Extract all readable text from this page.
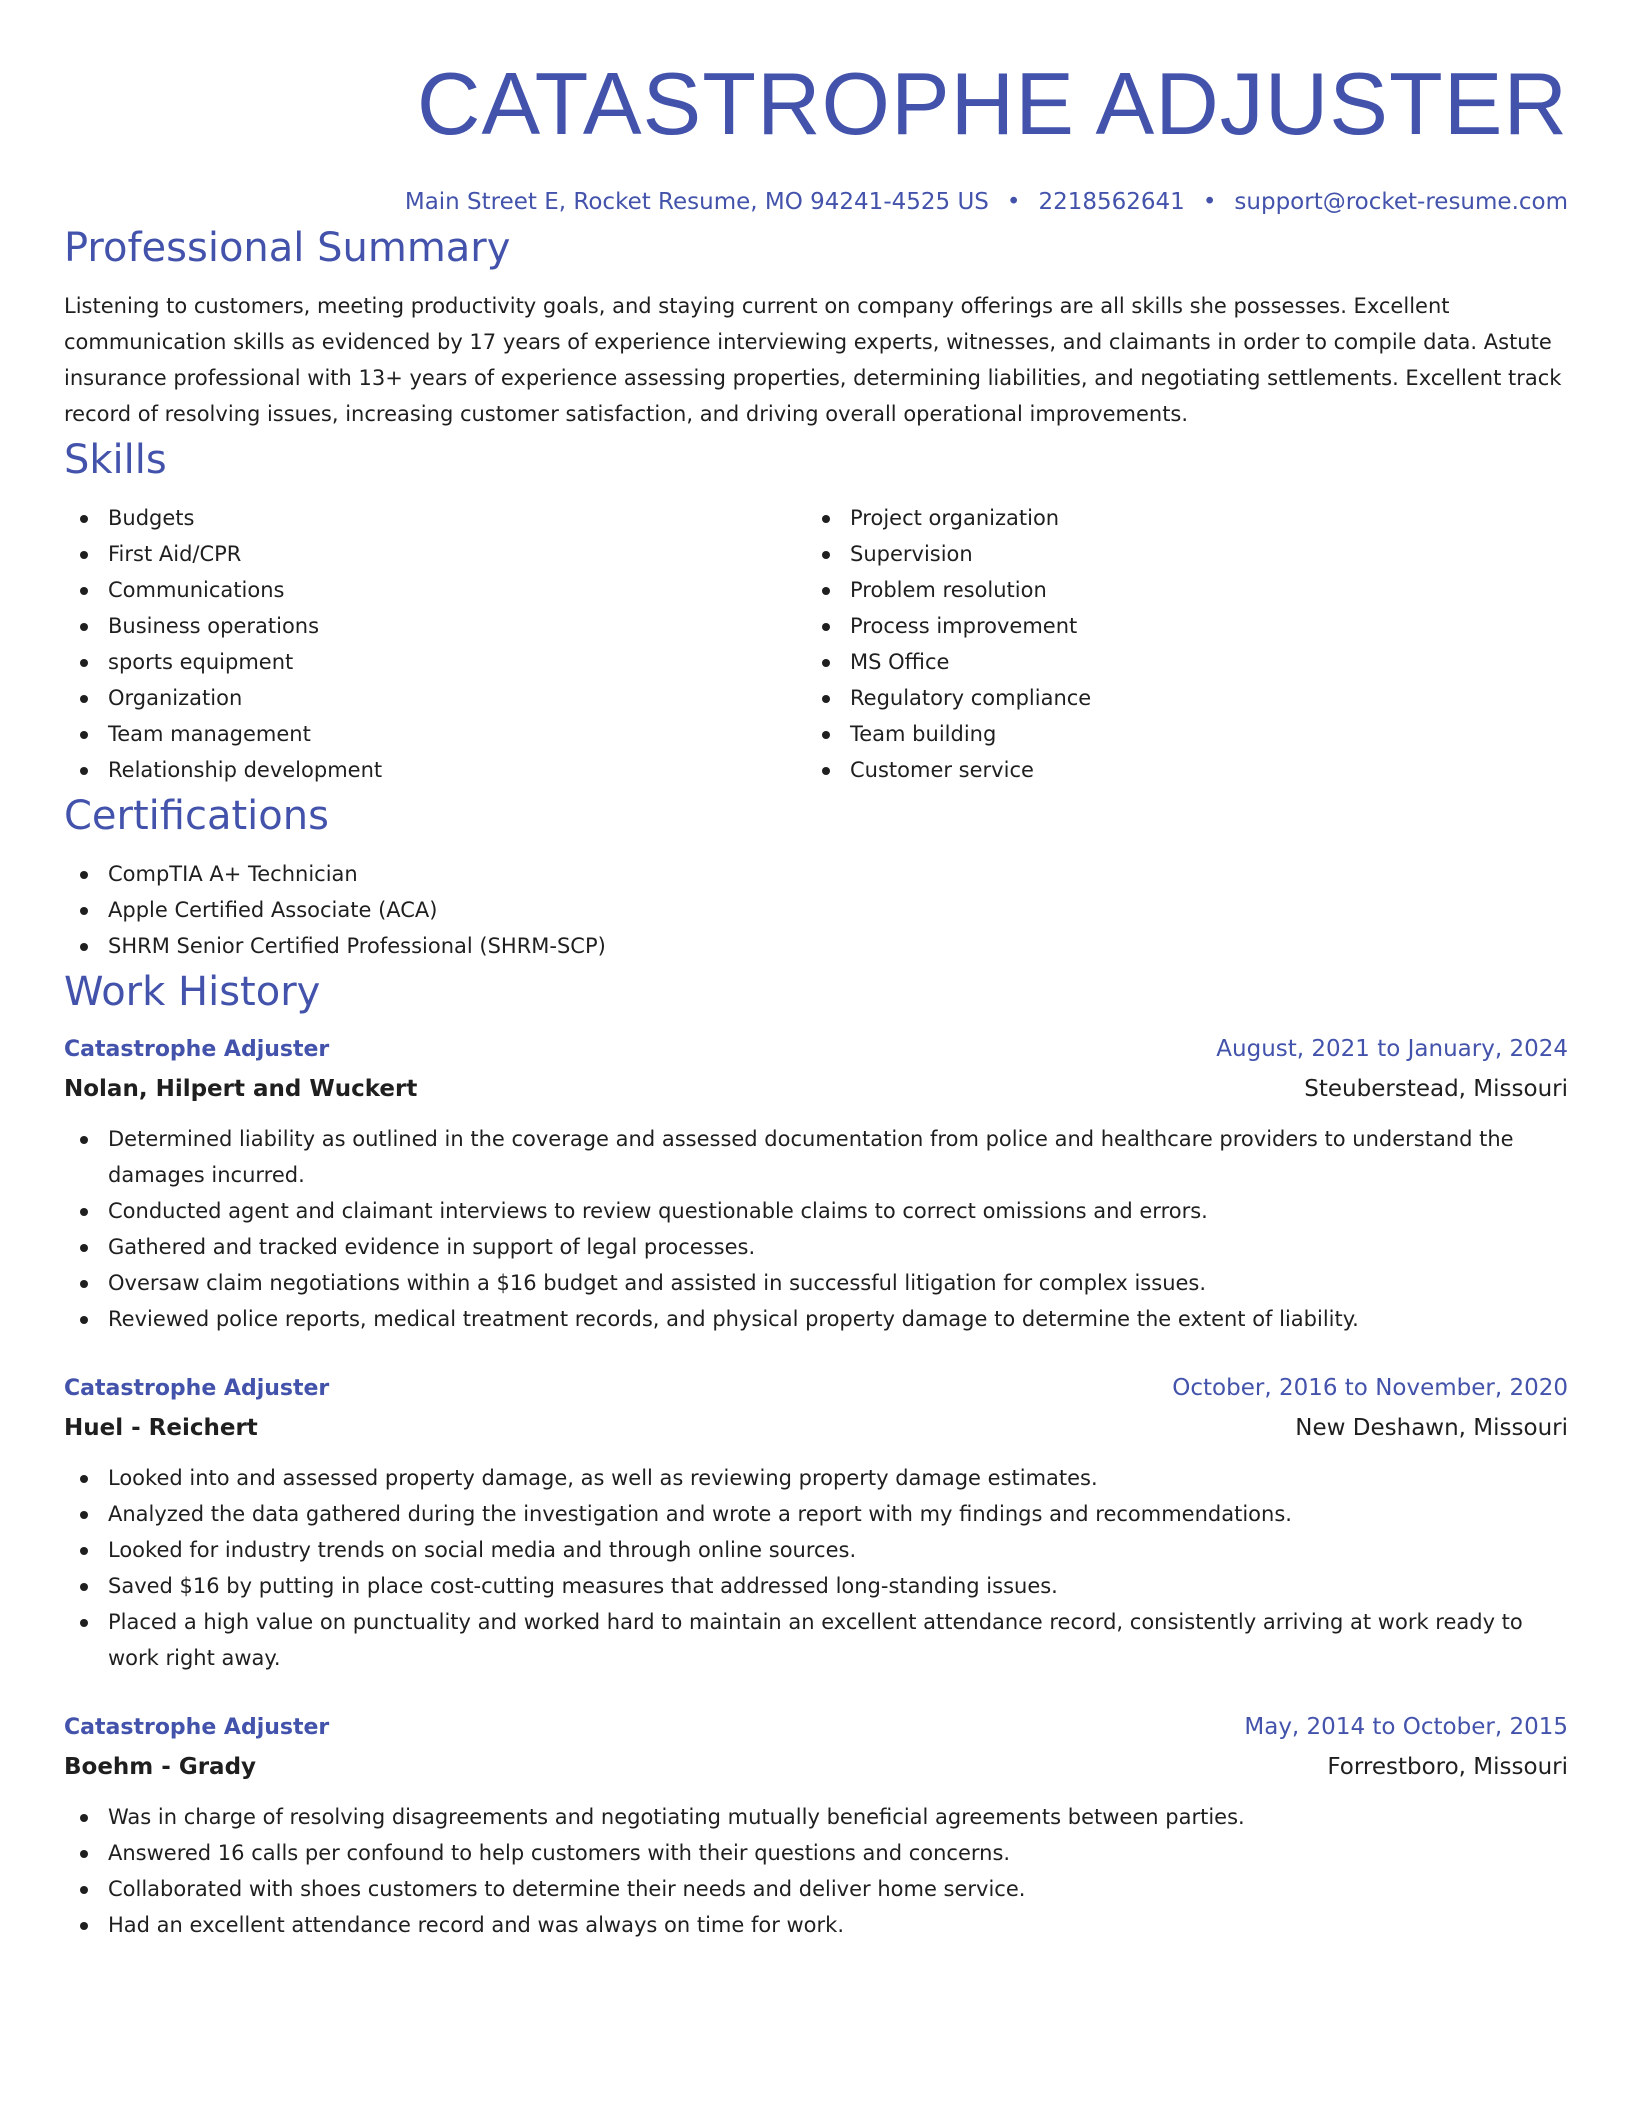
CATASTROPHE ADJUSTER
Main Street E, Rocket Resume, MO 94241-4525 US • 2218562641 • support@rocket-resume.com
Professional Summary

Listening to customers, meeting productivity goals, and staying current on company offerings are all skills she possesses. Excellent communication skills as evidenced by 17 years of experience interviewing experts, witnesses, and claimants in order to compile data. Astute insurance professional with 13+ years of experience assessing properties, determining liabilities, and negotiating settlements. Excellent track record of resolving issues, increasing customer satisfaction, and driving overall operational improvements.

Skills
Budgets
First Aid/CPR
Communications
Business operations
sports equipment
Organization
Team management
Relationship development
Project organization
Supervision
Problem resolution
Process improvement
MS Office
Regulatory compliance
Team building
Customer service
Certifications
CompTIA A+ Technician
Apple Certified Associate (ACA)
SHRM Senior Certified Professional (SHRM-SCP)
Work History
Catastrophe Adjuster	August, 2021 to January, 2024
Nolan, Hilpert and Wuckert	Steuberstead, Missouri
Determined liability as outlined in the coverage and assessed documentation from police and healthcare providers to understand the damages incurred.
Conducted agent and claimant interviews to review questionable claims to correct omissions and errors.
Gathered and tracked evidence in support of legal processes.
Oversaw claim negotiations within a $16 budget and assisted in successful litigation for complex issues.
Reviewed police reports, medical treatment records, and physical property damage to determine the extent of liability.
Catastrophe Adjuster	October, 2016 to November, 2020
Huel - Reichert	New Deshawn, Missouri
Looked into and assessed property damage, as well as reviewing property damage estimates.
Analyzed the data gathered during the investigation and wrote a report with my findings and recommendations.
Looked for industry trends on social media and through online sources.
Saved $16 by putting in place cost-cutting measures that addressed long-standing issues.
Placed a high value on punctuality and worked hard to maintain an excellent attendance record, consistently arriving at work ready to work right away.
Catastrophe Adjuster	May, 2014 to October, 2015
Boehm - Grady	Forrestboro, Missouri
Was in charge of resolving disagreements and negotiating mutually beneficial agreements between parties.
Answered 16 calls per confound to help customers with their questions and concerns.
Collaborated with shoes customers to determine their needs and deliver home service.
Had an excellent attendance record and was always on time for work.
